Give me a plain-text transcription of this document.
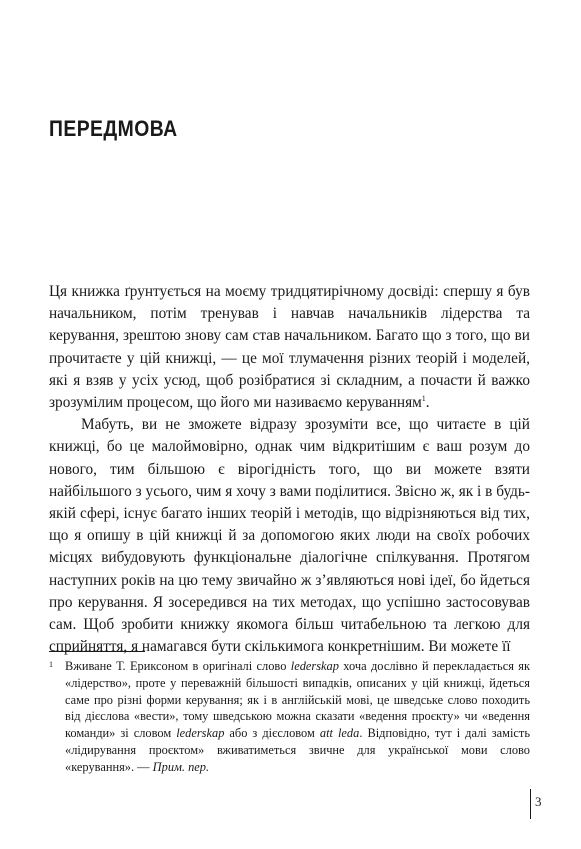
ПЕРЕДМОВА

Ця книжка ґрунтується на моєму тридцятирічному досвіді: спершу я був начальником, потім тренував і навчав начальників лідерства та керування, зрештою знову сам став начальником. Багато що з того, що ви прочитаєте у цій книжці, — це мої тлумачення різних теорій і моделей, які я взяв у усіх усюд, щоб розібратися зі складним, а почасти й важко зрозумілим процесом, що його ми називаємо керуванням$^1$.

Мабуть, ви не зможете відразу зрозуміти все, що читаєте в цій книжці, бо це малоймовірно, однак чим відкритішим є ваш розум до нового, тим більшою є вірогідність того, що ви можете взяти найбільшого з усього, чим я хочу з вами поділитися. Звісно ж, як і в будь-якій сфері, існує багато інших теорій і методів, що відрізняються від тих, що я опишу в цій книжці й за допомогою яких люди на своїх робочих місцях вибудовують функціональне діалогічне спілкування. Протягом наступних років на цю тему звичайно ж з’являються нові ідеї, бо йдеться про керування. Я зосередився на тих методах, що успішно застосовував сам. Щоб зробити книжку якомога більш читабельною та легкою для сприйняття, я намагався бути скількимога конкретнішим. Ви можете її

1 Вживане Т. Ериксоном в оригіналі слово lederskap хоча дослівно й перекладається як «лідерство», проте у переважній більшості випадків, описаних у цій книжці, йдеться саме про різні форми керування; як і в англійській мові, це шведське слово походить від дієслова «вести», тому шведською можна сказати «ведення проєкту» чи «ведення команди» зі словом lederskap або з дієсловом att leda. Відповідно, тут і далі замість «лідирування проєктом» вживатиметься звичне для української мови слово «керування». — Прим. пер.
3
